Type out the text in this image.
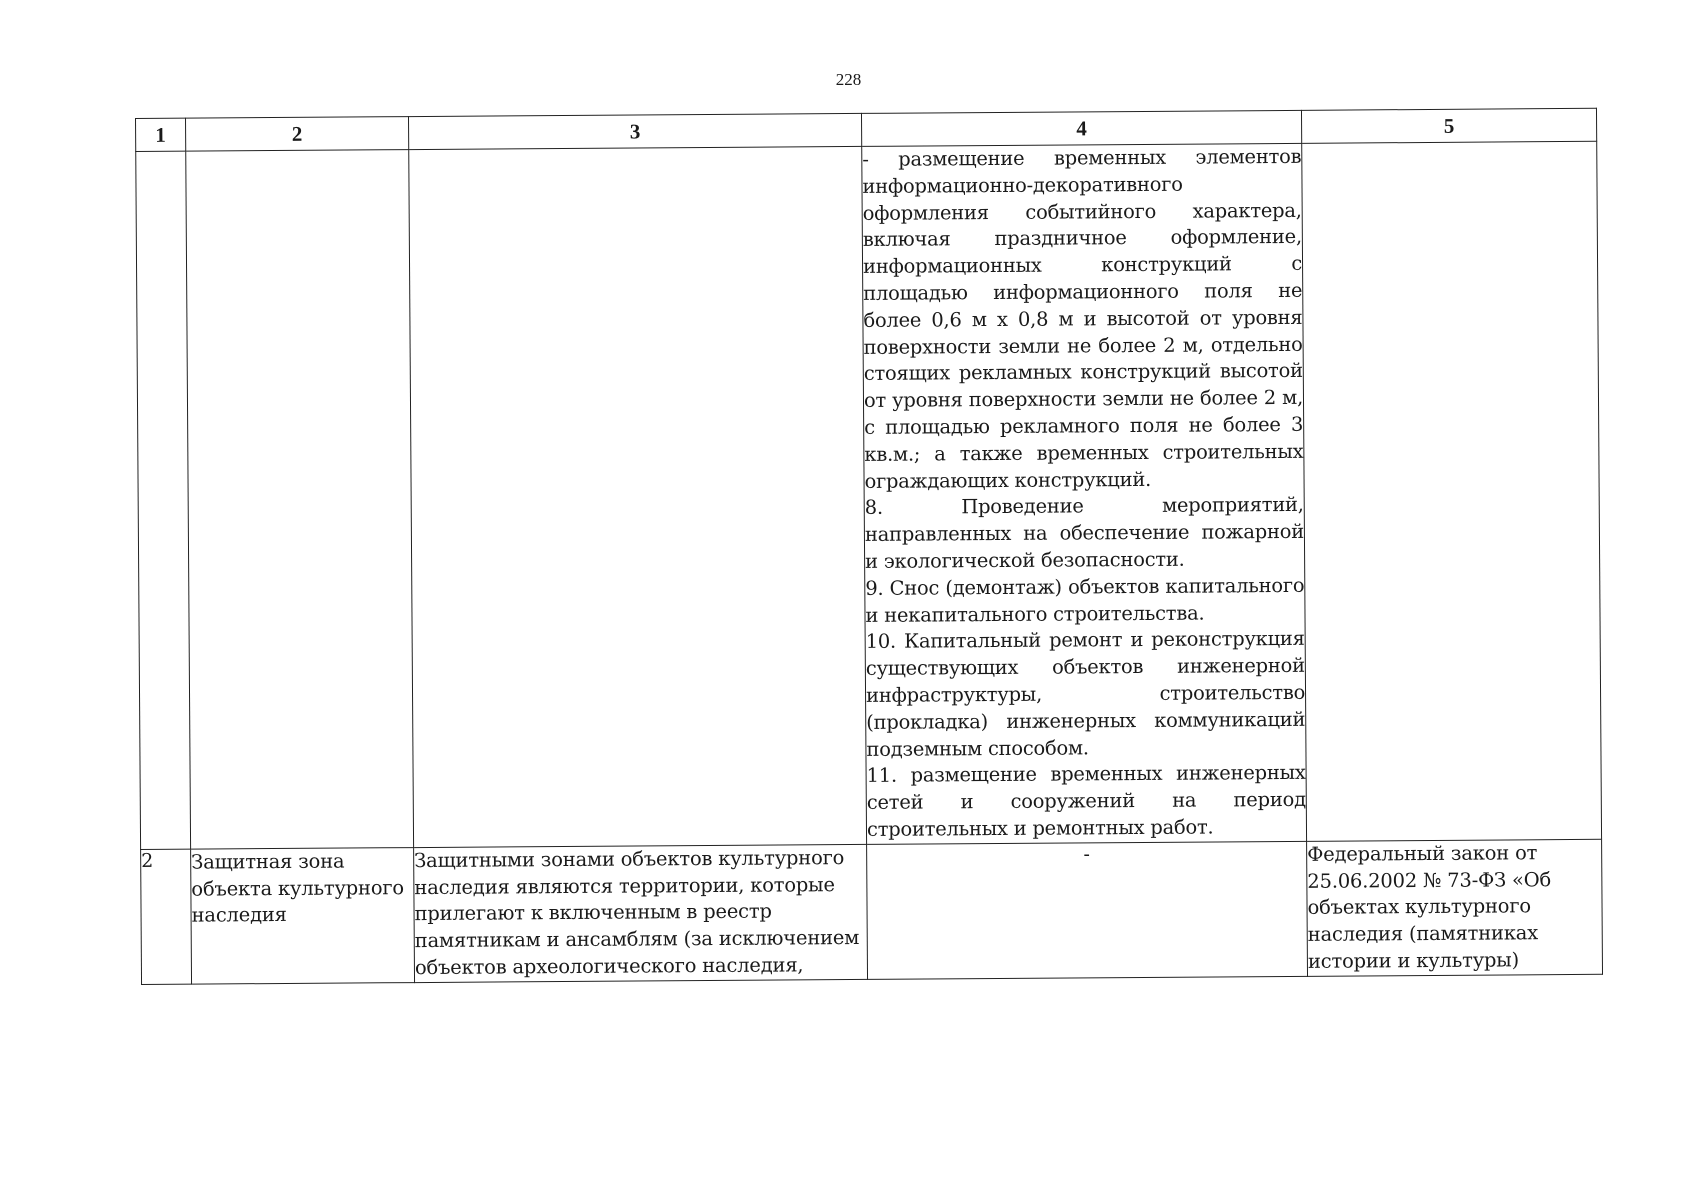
228
1	2	3	4	5

			- размещение временных элементов информационно-декоративного оформления событийного характера, включая праздничное оформление, информационных конструкций с площадью информационного поля не более 0,6 м х 0,8 м и высотой от уровня поверхности земли не более 2 м, отдельно стоящих рекламных конструкций высотой от уровня поверхности земли не более 2 м, с площадью рекламного поля не более 3 кв.м.; а также временных строительных ограждающих конструкций.

8. Проведение мероприятий, направленных на обеспечение пожарной и экологической безопасности.

9. Снос (демонтаж) объектов капитального и некапитального строительства.

10. Капитальный ремонт и реконструкция существующих объектов инженерной инфраструктуры, строительство (прокладка) инженерных коммуникаций подземным способом.

11. размещение временных инженерных сетей и сооружений на период строительных и ремонтных работ.	

2	Защитная зона объекта культурного наследия	Защитными зонами объектов культурного наследия являются территории, которые прилегают к включенным в реестр памятникам и ансамблям (за исключением объектов археологического наследия,	-	Федеральный закон от 25.06.2002 № 73-ФЗ «Об объектах культурного наследия (памятниках истории и культуры)
